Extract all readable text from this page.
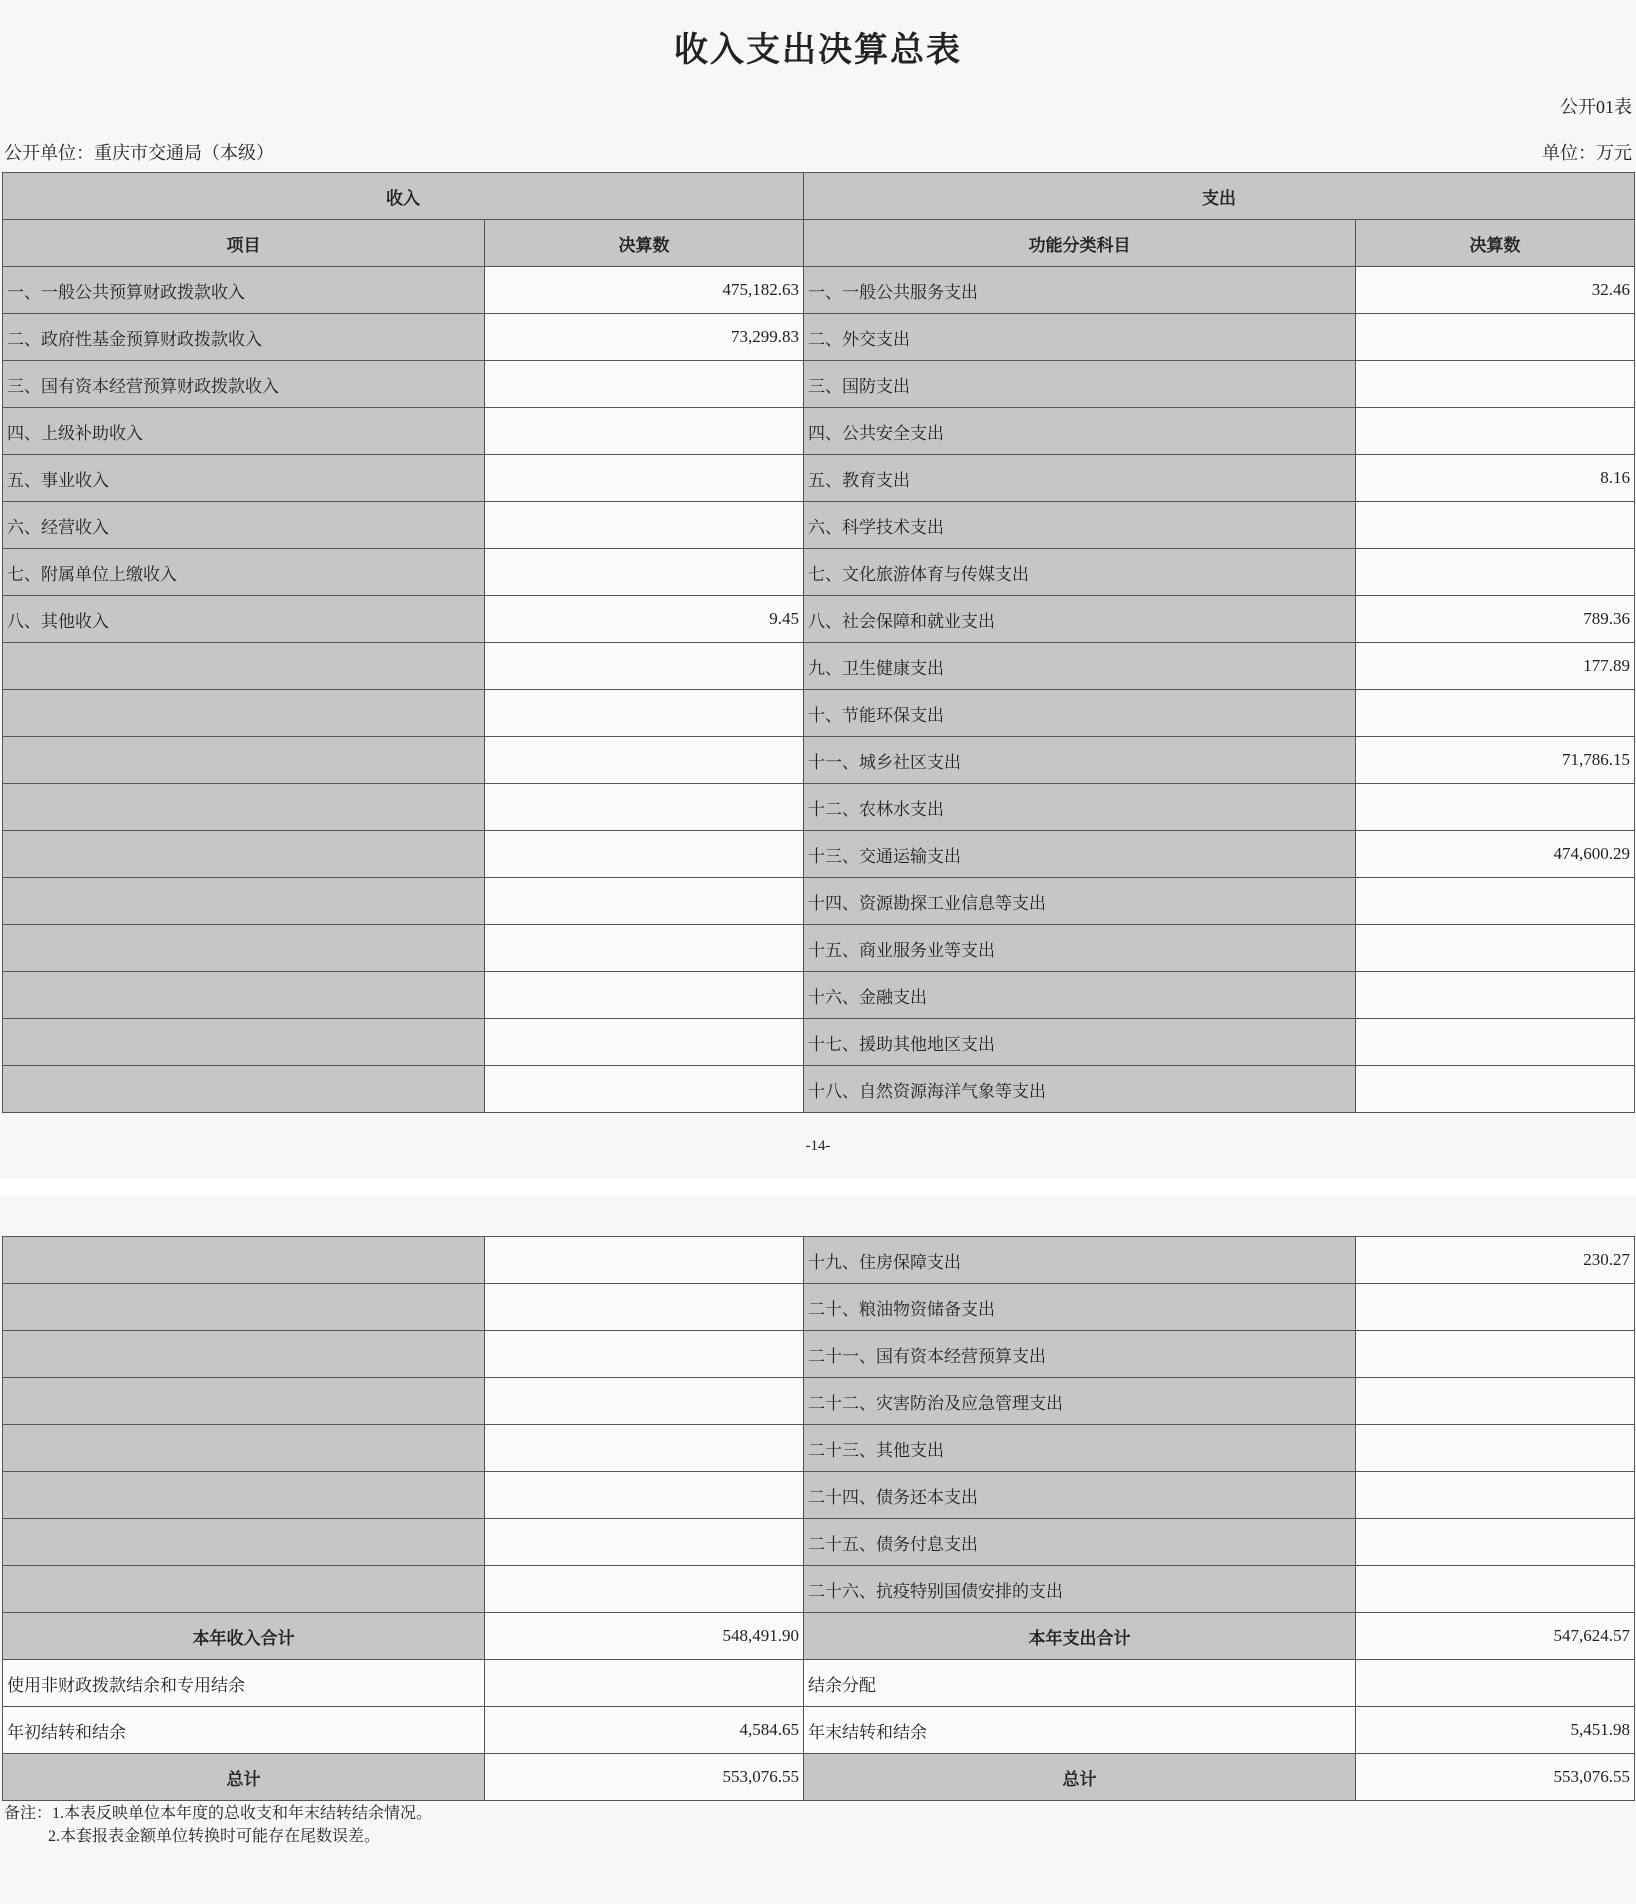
收入支出决算总表
公开01表
公开单位：重庆市交通局（本级）	单位：万元
收入		支出	
项目	决算数	功能分类科目	决算数
一、一般公共预算财政拨款收入	475,182.63	一、一般公共服务支出	32.46
二、政府性基金预算财政拨款收入	73,299.83	二、外交支出	
三、国有资本经营预算财政拨款收入		三、国防支出	
四、上级补助收入		四、公共安全支出	
五、事业收入		五、教育支出	8.16
六、经营收入		六、科学技术支出	
七、附属单位上缴收入		七、文化旅游体育与传媒支出	
八、其他收入	9.45	八、社会保障和就业支出	789.36
		九、卫生健康支出	177.89
		十、节能环保支出	
		十一、城乡社区支出	71,786.15
		十二、农林水支出	
		十三、交通运输支出	474,600.29
		十四、资源勘探工业信息等支出	
		十五、商业服务业等支出	
		十六、金融支出	
		十七、援助其他地区支出	
		十八、自然资源海洋气象等支出	
-14-
		十九、住房保障支出	230.27
		二十、粮油物资储备支出	
		二十一、国有资本经营预算支出	
		二十二、灾害防治及应急管理支出	
		二十三、其他支出	
		二十四、债务还本支出	
		二十五、债务付息支出	
		二十六、抗疫特别国债安排的支出	
本年收入合计	548,491.90	本年支出合计	547,624.57
使用非财政拨款结余和专用结余		结余分配	
年初结转和结余	4,584.65	年末结转和结余	5,451.98
总计	553,076.55	总计	553,076.55
备注：1.本表反映单位本年度的总收支和年末结转结余情况。
2.本套报表金额单位转换时可能存在尾数误差。
